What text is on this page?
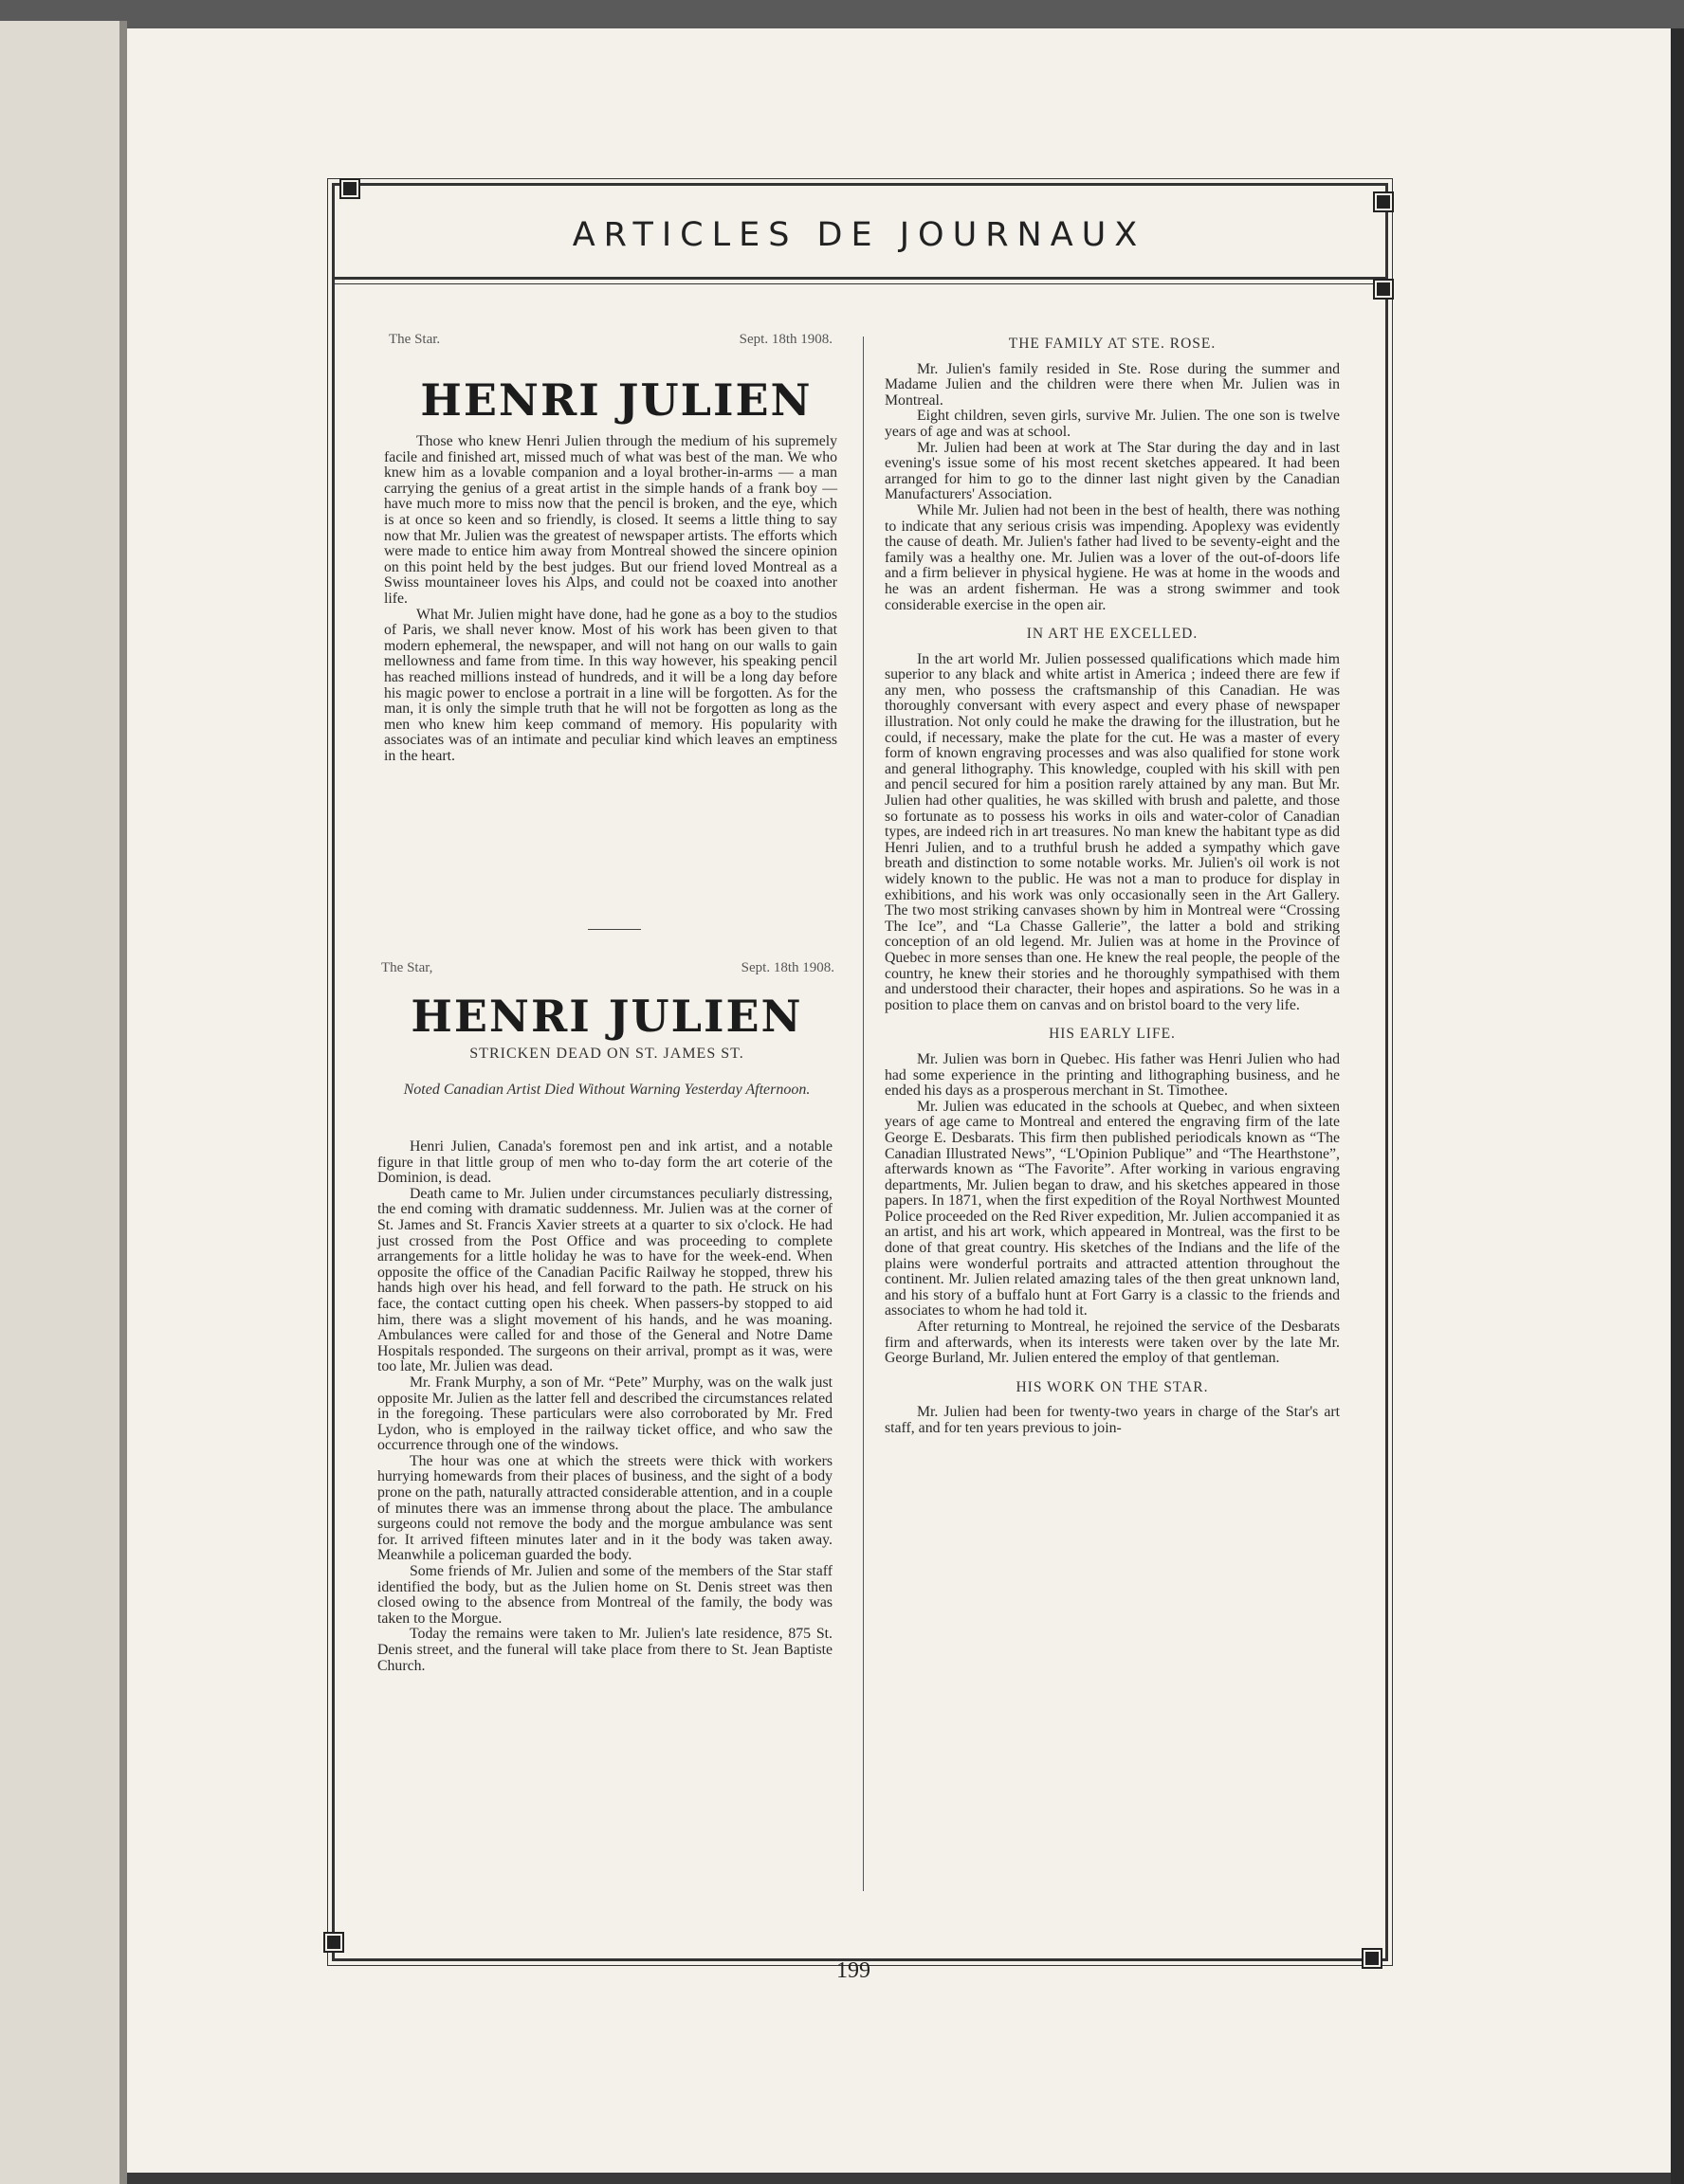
ARTICLES DE JOURNAUX
The Star.	Sept. 18th 1908.
HENRI JULIEN

Those who knew Henri Julien through the medium of his supremely facile and finished art, missed much of what was best of the man. We who knew him as a lovable companion and a loyal brother-in-arms — a man carrying the genius of a great artist in the simple hands of a frank boy — have much more to miss now that the pencil is broken, and the eye, which is at once so keen and so friendly, is closed. It seems a little thing to say now that Mr. Julien was the greatest of newspaper artists. The efforts which were made to entice him away from Montreal showed the sincere opinion on this point held by the best judges. But our friend loved Montreal as a Swiss mountaineer loves his Alps, and could not be coaxed into another life.

What Mr. Julien might have done, had he gone as a boy to the studios of Paris, we shall never know. Most of his work has been given to that modern ephemeral, the newspaper, and will not hang on our walls to gain mellowness and fame from time. In this way however, his speaking pencil has reached millions instead of hundreds, and it will be a long day before his magic power to enclose a portrait in a line will be forgotten. As for the man, it is only the simple truth that he will not be forgotten as long as the men who knew him keep command of memory. His popularity with associates was of an intimate and peculiar kind which leaves an emptiness in the heart.

The Star,	Sept. 18th 1908.
HENRI JULIEN
STRICKEN DEAD ON ST. JAMES ST.
Noted Canadian Artist Died Without Warning Yesterday Afternoon.

Henri Julien, Canada's foremost pen and ink artist, and a notable figure in that little group of men who to-day form the art coterie of the Dominion, is dead.

Death came to Mr. Julien under circumstances peculiarly distressing, the end coming with dramatic suddenness. Mr. Julien was at the corner of St. James and St. Francis Xavier streets at a quarter to six o'clock. He had just crossed from the Post Office and was proceeding to complete arrangements for a little holiday he was to have for the week-end. When opposite the office of the Canadian Pacific Railway he stopped, threw his hands high over his head, and fell forward to the path. He struck on his face, the contact cutting open his cheek. When passers-by stopped to aid him, there was a slight movement of his hands, and he was moaning. Ambulances were called for and those of the General and Notre Dame Hospitals responded. The surgeons on their arrival, prompt as it was, were too late, Mr. Julien was dead.

Mr. Frank Murphy, a son of Mr. “Pete” Murphy, was on the walk just opposite Mr. Julien as the latter fell and described the circumstances related in the foregoing. These particulars were also corroborated by Mr. Fred Lydon, who is employed in the railway ticket office, and who saw the occurrence through one of the windows.

The hour was one at which the streets were thick with workers hurrying homewards from their places of business, and the sight of a body prone on the path, naturally attracted considerable attention, and in a couple of minutes there was an immense throng about the place. The ambulance surgeons could not remove the body and the morgue ambulance was sent for. It arrived fifteen minutes later and in it the body was taken away. Meanwhile a policeman guarded the body.

Some friends of Mr. Julien and some of the members of the Star staff identified the body, but as the Julien home on St. Denis street was then closed owing to the absence from Montreal of the family, the body was taken to the Morgue.

Today the remains were taken to Mr. Julien's late residence, 875 St. Denis street, and the funeral will take place from there to St. Jean Baptiste Church.

THE FAMILY AT STE. ROSE.

Mr. Julien's family resided in Ste. Rose during the summer and Madame Julien and the children were there when Mr. Julien was in Montreal.

Eight children, seven girls, survive Mr. Julien. The one son is twelve years of age and was at school.

Mr. Julien had been at work at The Star during the day and in last evening's issue some of his most recent sketches appeared. It had been arranged for him to go to the dinner last night given by the Canadian Manufacturers' Association.

While Mr. Julien had not been in the best of health, there was nothing to indicate that any serious crisis was impending. Apoplexy was evidently the cause of death. Mr. Julien's father had lived to be seventy-eight and the family was a healthy one. Mr. Julien was a lover of the out-of-doors life and a firm believer in physical hygiene. He was at home in the woods and he was an ardent fisherman. He was a strong swimmer and took considerable exercise in the open air.

IN ART HE EXCELLED.

In the art world Mr. Julien possessed qualifications which made him superior to any black and white artist in America ; indeed there are few if any men, who possess the craftsmanship of this Canadian. He was thoroughly conversant with every aspect and every phase of newspaper illustration. Not only could he make the drawing for the illustration, but he could, if necessary, make the plate for the cut. He was a master of every form of known engraving processes and was also qualified for stone work and general lithography. This knowledge, coupled with his skill with pen and pencil secured for him a position rarely attained by any man. But Mr. Julien had other qualities, he was skilled with brush and palette, and those so fortunate as to possess his works in oils and water-color of Canadian types, are indeed rich in art treasures. No man knew the habitant type as did Henri Julien, and to a truthful brush he added a sympathy which gave breath and distinction to some notable works. Mr. Julien's oil work is not widely known to the public. He was not a man to produce for display in exhibitions, and his work was only occasionally seen in the Art Gallery. The two most striking canvases shown by him in Montreal were “Crossing The Ice”, and “La Chasse Gallerie”, the latter a bold and striking conception of an old legend. Mr. Julien was at home in the Province of Quebec in more senses than one. He knew the real people, the people of the country, he knew their stories and he thoroughly sympathised with them and understood their character, their hopes and aspirations. So he was in a position to place them on canvas and on bristol board to the very life.

HIS EARLY LIFE.

Mr. Julien was born in Quebec. His father was Henri Julien who had had some experience in the printing and lithographing business, and he ended his days as a prosperous merchant in St. Timothee.

Mr. Julien was educated in the schools at Quebec, and when sixteen years of age came to Montreal and entered the engraving firm of the late George E. Desbarats. This firm then published periodicals known as “The Canadian Illustrated News”, “L'Opinion Publique” and “The Hearthstone”, afterwards known as “The Favorite”. After working in various engraving departments, Mr. Julien began to draw, and his sketches appeared in those papers. In 1871, when the first expedition of the Royal Northwest Mounted Police proceeded on the Red River expedition, Mr. Julien accompanied it as an artist, and his art work, which appeared in Montreal, was the first to be done of that great country. His sketches of the Indians and the life of the plains were wonderful portraits and attracted attention throughout the continent. Mr. Julien related amazing tales of the then great unknown land, and his story of a buffalo hunt at Fort Garry is a classic to the friends and associates to whom he had told it.

After returning to Montreal, he rejoined the service of the Desbarats firm and afterwards, when its interests were taken over by the late Mr. George Burland, Mr. Julien entered the employ of that gentleman.

HIS WORK ON THE STAR.

Mr. Julien had been for twenty-two years in charge of the Star's art staff, and for ten years previous to join-

199
